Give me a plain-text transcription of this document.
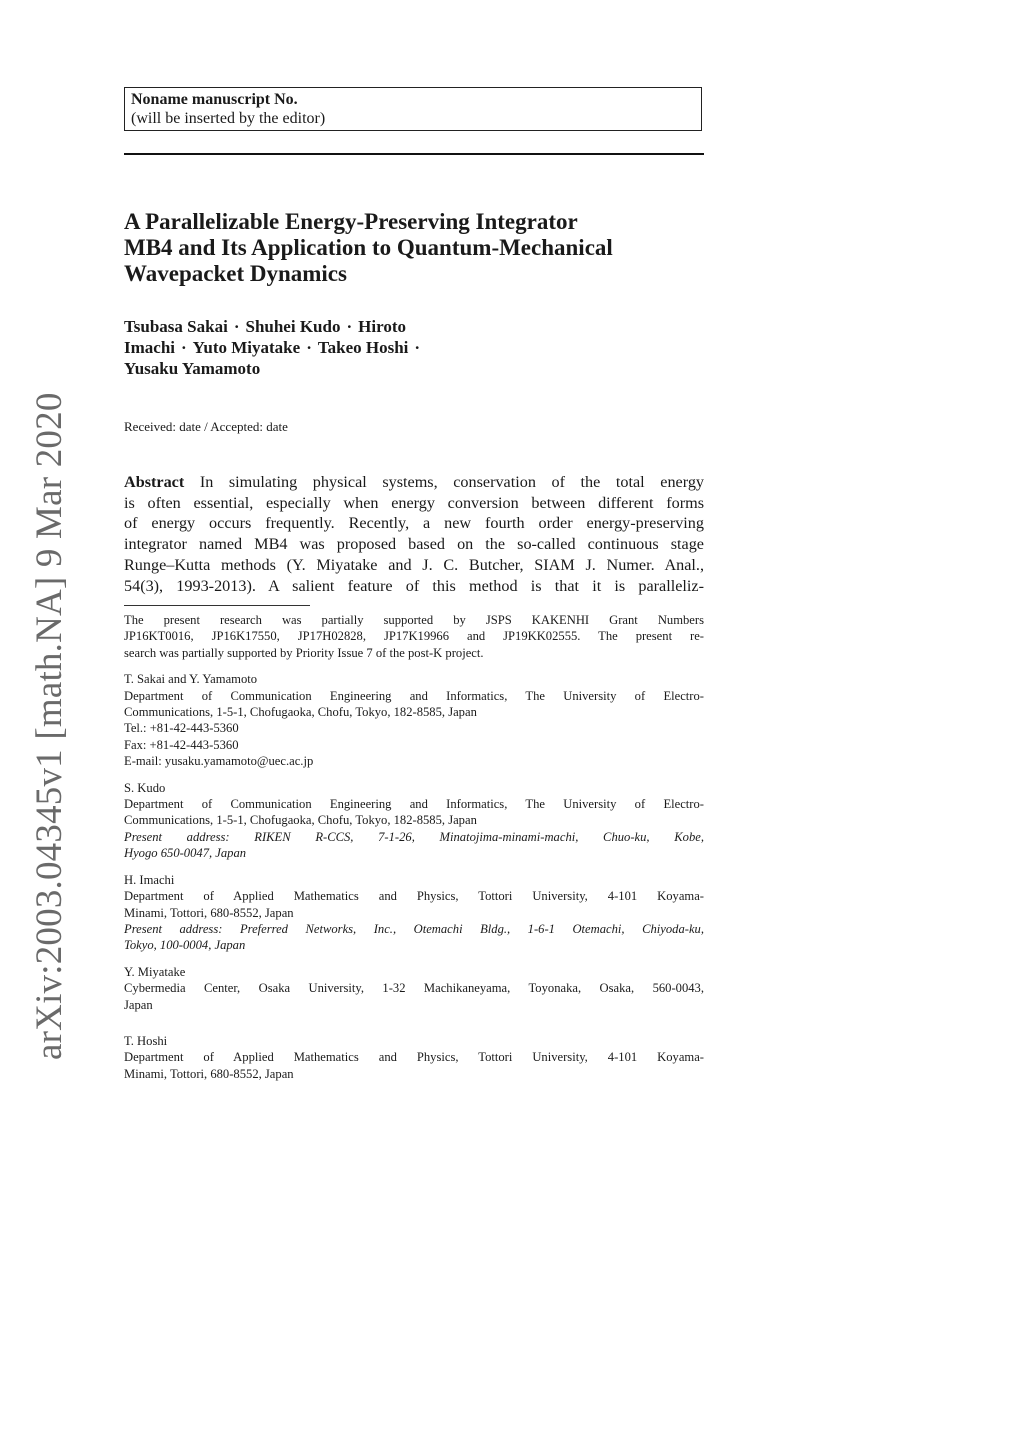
arXiv:2003.04345v1 [math.NA] 9 Mar 2020
Noname manuscript No.
(will be inserted by the editor)
A Parallelizable Energy-Preserving Integrator
MB4 and Its Application to Quantum-Mechanical
Wavepacket Dynamics
Tsubasa Sakai · Shuhei Kudo · Hiroto
Imachi · Yuto Miyatake · Takeo Hoshi ·
Yusaku Yamamoto
Received: date / Accepted: date
Abstract In simulating physical systems, conservation of the total energy
is often essential, especially when energy conversion between different forms
of energy occurs frequently. Recently, a new fourth order energy-preserving
integrator named MB4 was proposed based on the so-called continuous stage
Runge–Kutta methods (Y. Miyatake and J. C. Butcher, SIAM J. Numer. Anal.,
54(3), 1993-2013). A salient feature of this method is that it is paralleliz-
The present research was partially supported by JSPS KAKENHI Grant Numbers
JP16KT0016, JP16K17550, JP17H02828, JP17K19966 and JP19KK02555. The present re-
search was partially supported by Priority Issue 7 of the post-K project.
T. Sakai and Y. Yamamoto
Department of Communication Engineering and Informatics, The University of Electro-
Communications, 1-5-1, Chofugaoka, Chofu, Tokyo, 182-8585, Japan
Tel.: +81-42-443-5360
Fax: +81-42-443-5360
E-mail: yusaku.yamamoto@uec.ac.jp
S. Kudo
Department of Communication Engineering and Informatics, The University of Electro-
Communications, 1-5-1, Chofugaoka, Chofu, Tokyo, 182-8585, Japan
Present address: RIKEN R-CCS, 7-1-26, Minatojima-minami-machi, Chuo-ku, Kobe,
Hyogo 650-0047, Japan
H. Imachi
Department of Applied Mathematics and Physics, Tottori University, 4-101 Koyama-
Minami, Tottori, 680-8552, Japan
Present address: Preferred Networks, Inc., Otemachi Bldg., 1-6-1 Otemachi, Chiyoda-ku,
Tokyo, 100-0004, Japan
Y. Miyatake
Cybermedia Center, Osaka University, 1-32 Machikaneyama, Toyonaka, Osaka, 560-0043,
Japan
T. Hoshi
Department of Applied Mathematics and Physics, Tottori University, 4-101 Koyama-
Minami, Tottori, 680-8552, Japan
